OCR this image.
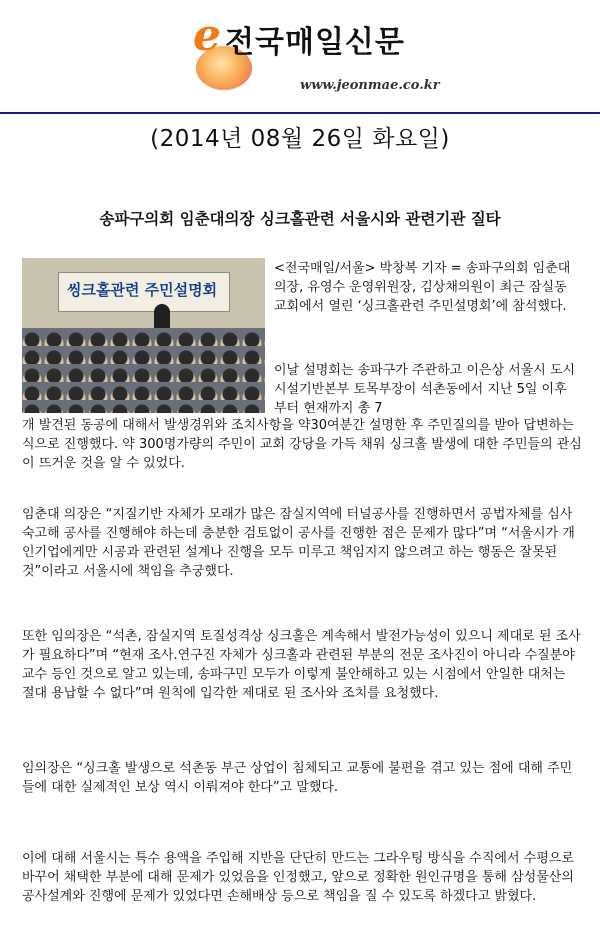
e 전국매일신문
www.jeonmae.co.kr
(2014년 08월 26일 화요일)
송파구의회 임춘대의장 싱크홀관련 서울시와 관련기관 질타
씽크홀관련 주민설명회

<전국매일/서울> 박창복 기자 = 송파구의회 임춘대 의장, 유영수 운영위원장, 김상채의원이 최근 잠실동교회에서 열린 ‘싱크홀관련 주민설명회’에 참석했다.

이날 설명회는 송파구가 주관하고 이은상 서울시 도시시설기반본부 토목부장이 석촌동에서 지난 5일 이후부터 현재까지 총 7

개 발견된 동공에 대해서 발생경위와 조치사항을 약30여분간 설명한 후 주민질의를 받아 답변하는 식으로 진행했다. 약 300명가량의 주민이 교회 강당을 가득 채워 싱크홀 발생에 대한 주민들의 관심이 뜨거운 것을 알 수 있었다.

임춘대 의장은 “지질기반 자체가 모래가 많은 잠실지역에 터널공사를 진행하면서 공법자체를 심사숙고해 공사를 진행해야 하는데 충분한 검토없이 공사를 진행한 점은 문제가 많다”며 “서울시가 개인기업에게만 시공과 관련된 설계나 진행을 모두 미루고 책임지지 않으려고 하는 행동은 잘못된 것”이라고 서울시에 책임을 추궁했다.

또한 임의장은 “석촌, 잠실지역 토질성격상 싱크홀은 계속해서 발전가능성이 있으니 제대로 된 조사가 필요하다”며 “현재 조사.연구진 자체가 싱크홀과 관련된 부분의 전문 조사진이 아니라 수질분야 교수 등인 것으로 알고 있는데, 송파구민 모두가 이렇게 불안해하고 있는 시점에서 안일한 대처는 절대 용납할 수 없다”며 원칙에 입각한 제대로 된 조사와 조치를 요청했다.

임의장은 “싱크홀 발생으로 석촌동 부근 상업이 침체되고 교통에 불편을 겪고 있는 점에 대해 주민들에 대한 실제적인 보상 역시 이뤄져야 한다”고 말했다.

이에 대해 서울시는 특수 용액을 주입해 지반을 단단히 만드는 그라우팅 방식을 수직에서 수평으로 바꾸어 채택한 부분에 대해 문제가 있었음을 인정했고, 앞으로 정확한 원인규명을 통해 삼성물산의 공사설계와 진행에 문제가 있었다면 손해배상 등으로 책임을 질 수 있도록 하겠다고 밝혔다.
